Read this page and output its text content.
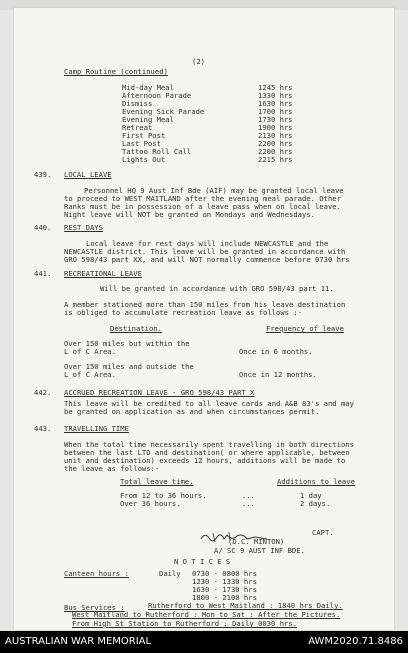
(2)
Camp Routine (continued)
Mid-day Meal	1245 hrs
Afternoon Parade	1330 hrs
Dismiss	1630 hrs
Evening Sick Parade	1700 hrs
Evening Meal	1730 hrs
Retreat	1900 hrs
First Post	2130 hrs
Last Post	2200 hrs
Tattoo Roll Call	2200 hrs
Lights Out	2215 hrs
439. LOCAL LEAVE
Personnel HQ 9 Aust Inf Bde (AIF) may be granted local leave
to proceed to WEST MAITLAND after the evening meal parade. Other
Ranks must be in possession of a leave pass when on local leave.
Night leave will NOT be granted on Mondays and Wednesdays.
440. REST DAYS
Local leave for rest days will include NEWCASTLE and the
NEWCASTLE district. This leave will be granted in accordance with
GRO 598/43 part XX, and will NOT normally commence before 0730 hrs
441. RECREATIONAL LEAVE
Will be granted in accordance with GRO 598/43 part 11.
A member stationed more than 150 miles from his leave destination
is obliged to accumulate recreation leave as follows :-
Destination.	Frequency of leave
Over 150 miles but within the
L of C Area.	Once in 6 months.
Over 150 miles and outside the
L of C Area.	Once in 12 months.
442. ACCRUED RECREATION LEAVE - GRO 598/43 PART X
This leave will be credited to all leave cards and A&B 83's and may
be granted on application as and when circumstances permit.
443. TRAVELLING TIME
When the total time necessarily spent travelling in both directions
between the last LTD and destination( or where applicable, between
unit and destination) exceeds 12 hours, additions will be made to
the leave as follows:-
Total leave time.	Additions to leave
From 12 to 36 hours.	...	1 day
Over 36 hours.	...	2 days.
CAPT.
(D.C. MINTON)
A/ SC 9 AUST INF BDE.
N O T I C E S
Canteen hours :	Daily 0730 - 0800 hrs
1230 - 1330 hrs
1630 - 1730 hrs
1800 - 2100 hrs
Bus Services :	Rutherford to West Maitland : 1840 hrs Daily.
West Maitland to Rutherford : Mon to Sat : After the Pictures.
From High St Station to Rutherford : Daily 0030 hrs.
AUSTRALIAN WAR MEMORIAL	AWM2020.71.8486
